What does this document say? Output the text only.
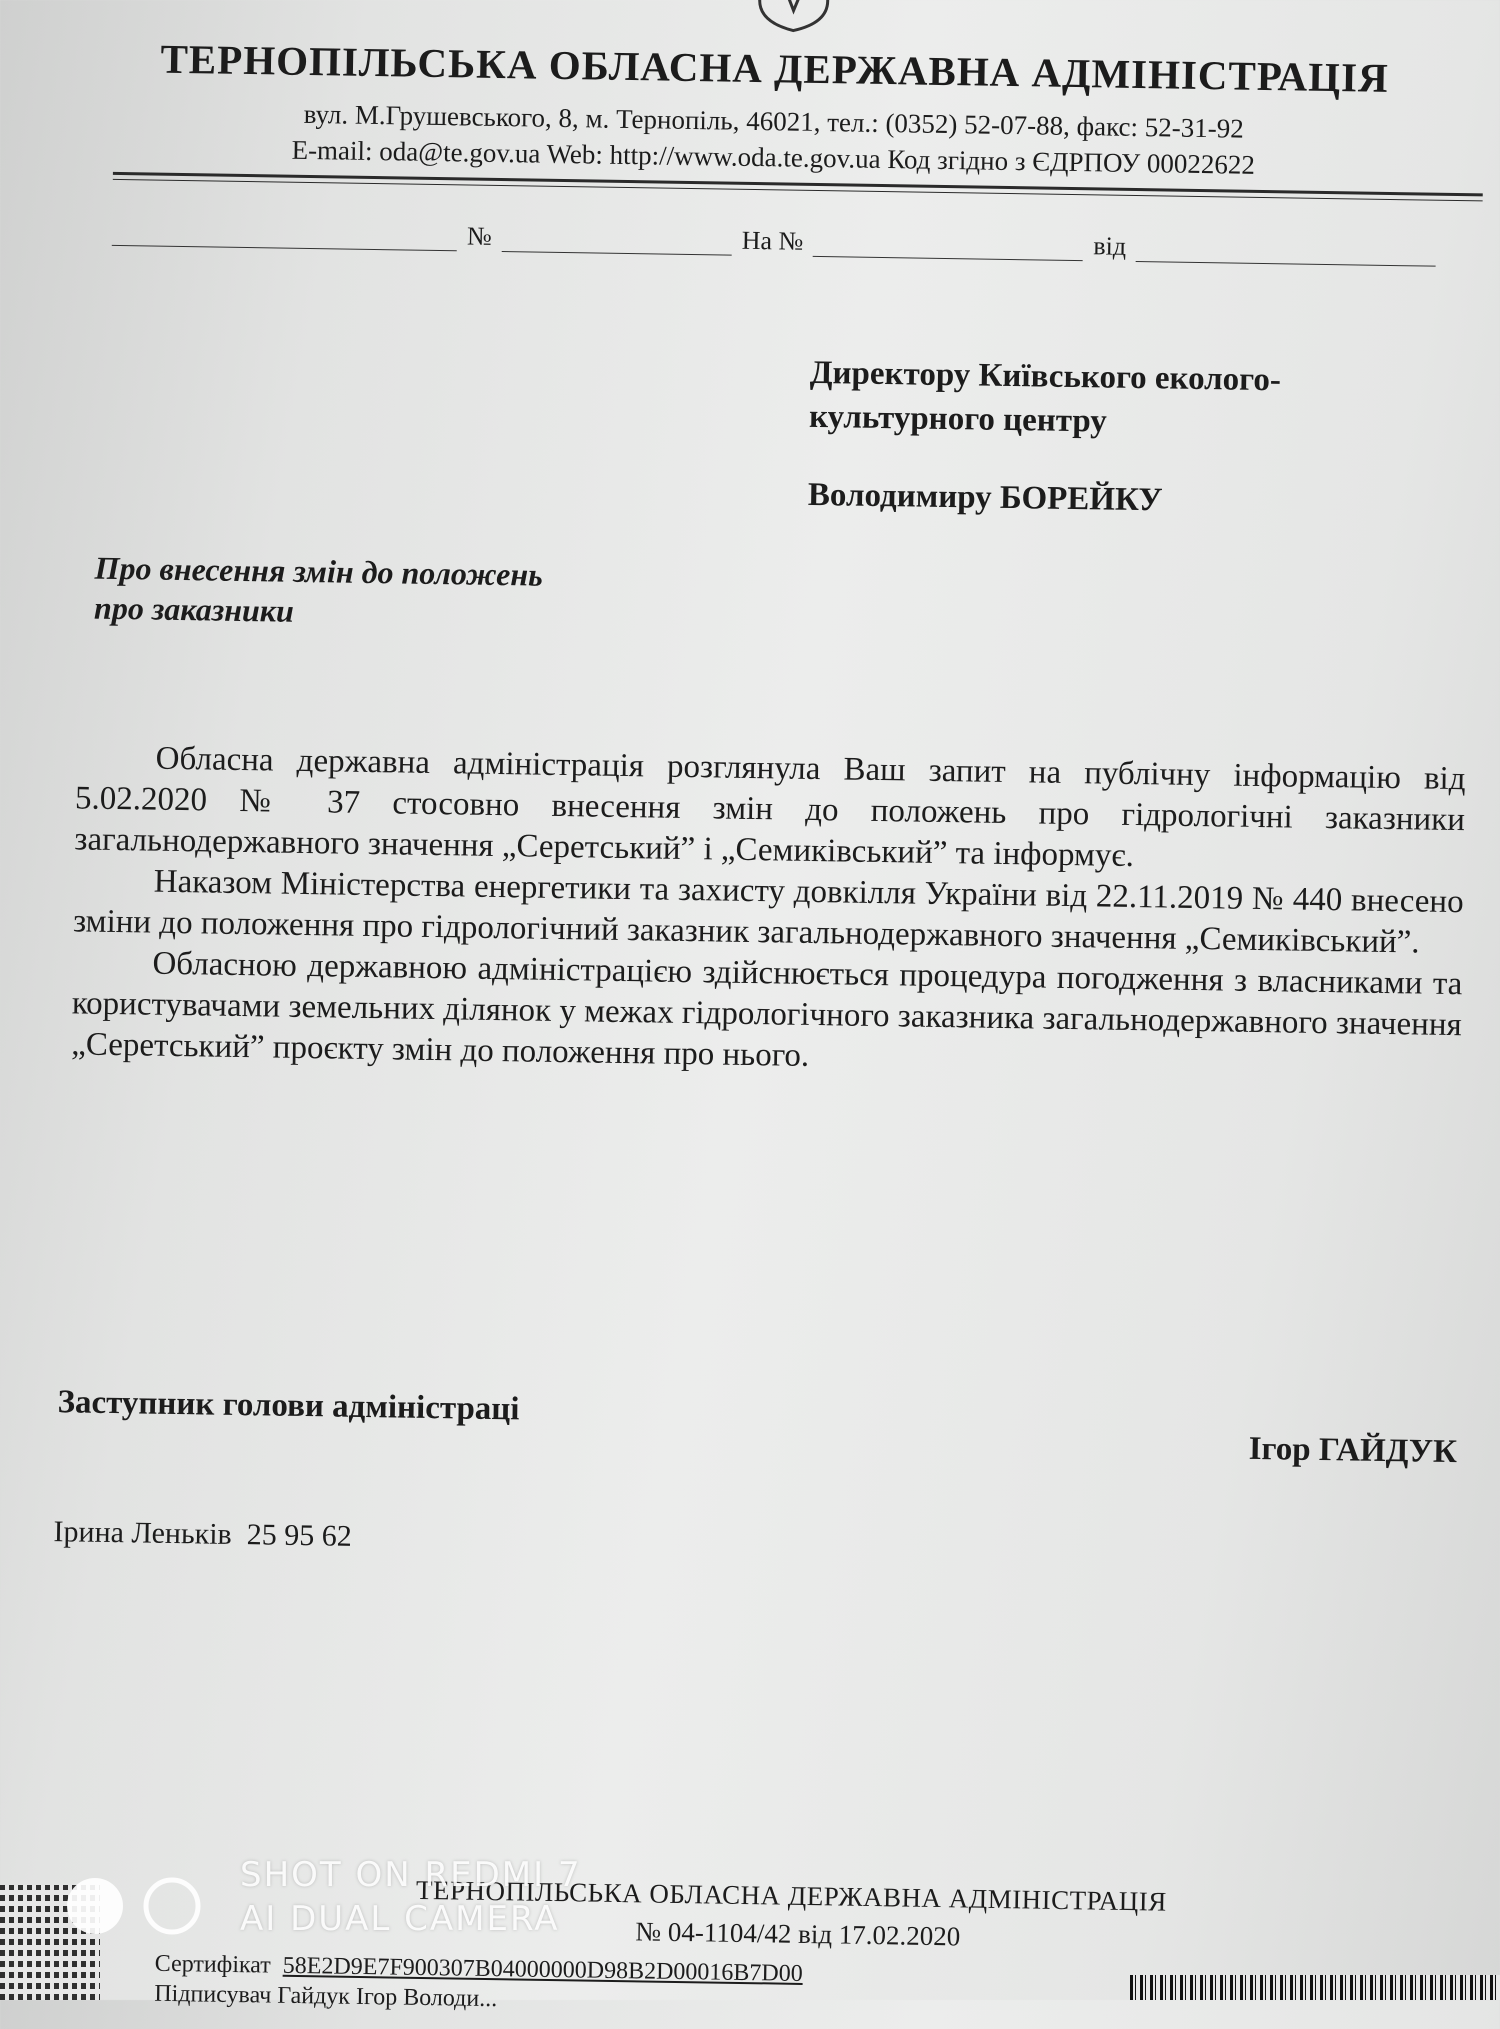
ТЕРНОПІЛЬСЬКА ОБЛАСНА ДЕРЖАВНА АДМІНІСТРАЦІЯ
вул. М.Грушевського, 8, м. Тернопіль, 46021, тел.: (0352) 52-07-88, факс: 52-31-92
E-mail: oda@te.gov.ua Web: http://www.oda.te.gov.ua Код згідно з ЄДРПОУ 00022622
№	На №	від
Директору Київського еколого-
культурного центру
Володимиру БОРЕЙКУ
Про внесення змін до положень
про заказники

Обласна державна адміністрація розглянула Ваш запит на публічну інформацію від 5.02.2020 № 37 стосовно внесення змін до положень про гідрологічні заказники загальнодержавного значення „Серетський” і „Семиківський” та інформує.

Наказом Міністерства енергетики та захисту довкілля України від 22.11.2019 № 440 внесено зміни до положення про гідрологічний заказник загальнодержавного значення „Семиківський”.

Обласною державною адміністрацією здійснюється процедура погодження з власниками та користувачами земельних ділянок у межах гідрологічного заказника загальнодержавного значення „Серетський” проєкту змін до положення про нього.

Заступник голови адміністраці
Ігор ГАЙДУК
Ірина Леньків 25 95 62
ТЕРНОПІЛЬСЬКА ОБЛАСНА ДЕРЖАВНА АДМІНІСТРАЦІЯ
№ 04-1104/42 від 17.02.2020
Сертифікат 58E2D9E7F900307B04000000D98B2D00016B7D00
Підписувач Гайдук Ігор Володи...
SHOT ON REDMI 7
AI DUAL CAMERA
